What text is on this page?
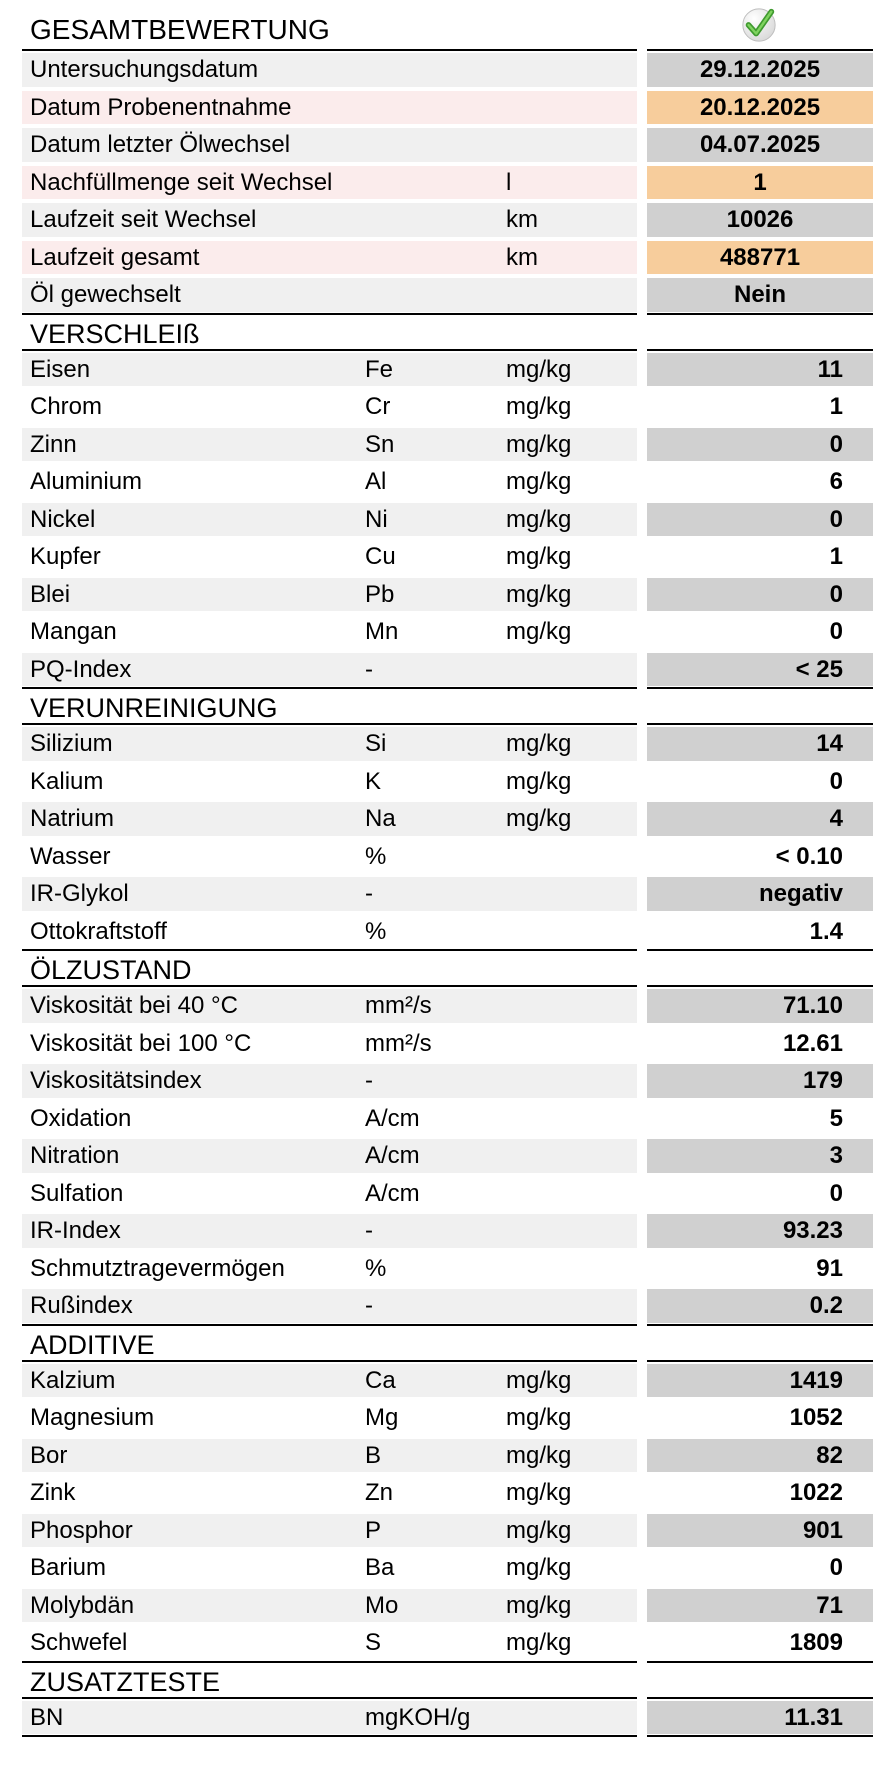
GESAMTBEWERTUNG
Untersuchungsdatum	29.12.2025
Datum Probenentnahme	20.12.2025
Datum letzter Ölwechsel	04.07.2025
Nachfüllmenge seit Wechsel	l	1
Laufzeit seit Wechsel	km	10026
Laufzeit gesamt	km	488771
Öl gewechselt	Nein
VERSCHLEIß
Eisen	Fe	mg/kg	11
Chrom	Cr	mg/kg	1
Zinn	Sn	mg/kg	0
Aluminium	Al	mg/kg	6
Nickel	Ni	mg/kg	0
Kupfer	Cu	mg/kg	1
Blei	Pb	mg/kg	0
Mangan	Mn	mg/kg	0
PQ-Index	-	< 25
VERUNREINIGUNG
Silizium	Si	mg/kg	14
Kalium	K	mg/kg	0
Natrium	Na	mg/kg	4
Wasser	%	< 0.10
IR-Glykol	-	negativ
Ottokraftstoff	%	1.4
ÖLZUSTAND
Viskosität bei 40 °C	mm²/s	71.10
Viskosität bei 100 °C	mm²/s	12.61
Viskositätsindex	-	179
Oxidation	A/cm	5
Nitration	A/cm	3
Sulfation	A/cm	0
IR-Index	-	93.23
Schmutztragevermögen	%	91
Rußindex	-	0.2
ADDITIVE
Kalzium	Ca	mg/kg	1419
Magnesium	Mg	mg/kg	1052
Bor	B	mg/kg	82
Zink	Zn	mg/kg	1022
Phosphor	P	mg/kg	901
Barium	Ba	mg/kg	0
Molybdän	Mo	mg/kg	71
Schwefel	S	mg/kg	1809
ZUSATZTESTE
BN	mgKOH/g	11.31
